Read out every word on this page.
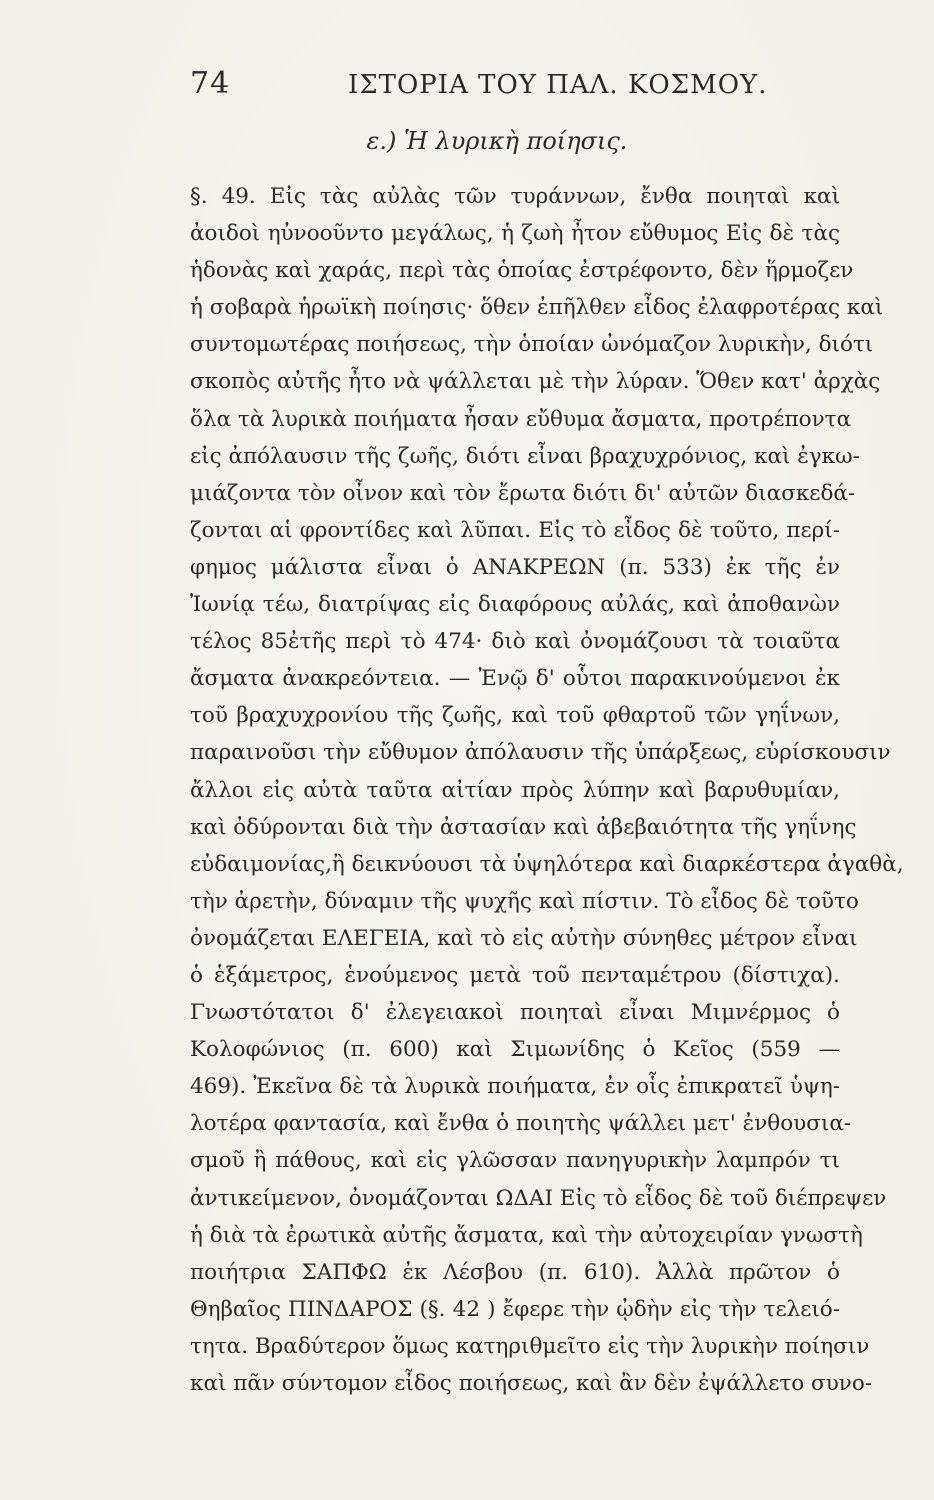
74	ΙΣΤΟΡΙΑ ΤΟΥ ΠΑΛ. ΚΟΣΜΟΥ.
ε.) Ἡ λυρικὴ ποίησις.
§. 49. Εἰς τὰς αὐλὰς τῶν τυράννων, ἔνθα ποιηταὶ καὶ
ἀοιδοὶ ηὐνοοῦντο μεγάλως, ἡ ζωὴ ἦτον εὔθυμος Εἰς δὲ τὰς
ἡδονὰς καὶ χαράς, περὶ τὰς ὁποίας ἐστρέφοντο, δὲν ἥρμοζεν
ἡ σοβαρὰ ἡρωϊκὴ ποίησις· ὅθεν ἐπῆλθεν εἶδος ἐλαφροτέρας καὶ
συντομωτέρας ποιήσεως, τὴν ὁποίαν ὠνόμαζον λυρικὴν, διότι
σκοπὸς αὐτῆς ἦτο νὰ ψάλλεται μὲ τὴν λύραν. Ὅθεν κατ' ἀρχὰς
ὅλα τὰ λυρικὰ ποιήματα ἦσαν εὔθυμα ἄσματα, προτρέποντα
εἰς ἀπόλαυσιν τῆς ζωῆς, διότι εἶναι βραχυχρόνιος, καὶ ἐγκω-
μιάζοντα τὸν οἶνον καὶ τὸν ἔρωτα διότι δι' αὐτῶν διασκεδά-
ζονται αἱ φροντίδες καὶ λῦπαι. Εἰς τὸ εἶδος δὲ τοῦτο, περί-
φημος μάλιστα εἶναι ὁ ΑΝΑΚΡΕΩΝ (π. 533) ἐκ τῆς ἐν
Ἰωνίᾳ τέω, διατρίψας εἰς διαφόρους αὐλάς, καὶ ἀποθανὼν
τέλος 85ἐτῆς περὶ τὸ 474· διὸ καὶ ὀνομάζουσι τὰ τοιαῦτα
ἄσματα ἀνακρεόντεια. — Ἐνῷ δ' οὗτοι παρακινούμενοι ἐκ
τοῦ βραχυχρονίου τῆς ζωῆς, καὶ τοῦ φθαρτοῦ τῶν γηΐνων,
παραινοῦσι τὴν εὔθυμον ἀπόλαυσιν τῆς ὑπάρξεως, εὑρίσκουσιν
ἄλλοι εἰς αὐτὰ ταῦτα αἰτίαν πρὸς λύπην καὶ βαρυθυμίαν,
καὶ ὀδύρονται διὰ τὴν ἀστασίαν καὶ ἀβεβαιότητα τῆς γηΐνης
εὐδαιμονίας,ἢ δεικνύουσι τὰ ὑψηλότερα καὶ διαρκέστερα ἀγαθὰ,
τὴν ἀρετὴν, δύναμιν τῆς ψυχῆς καὶ πίστιν. Τὸ εἶδος δὲ τοῦτο
ὀνομάζεται ΕΛΕΓΕΙΑ, καὶ τὸ εἰς αὐτὴν σύνηθες μέτρον εἶναι
ὁ ἑξάμετρος, ἑνούμενος μετὰ τοῦ πενταμέτρου (δίστιχα).
Γνωστότατοι δ' ἐλεγειακοὶ ποιηταὶ εἶναι Μιμνέρμος ὁ
Κολοφώνιος (π. 600) καὶ Σιμωνίδης ὁ Κεῖος (559 —
469). Ἐκεῖνα δὲ τὰ λυρικὰ ποιήματα, ἐν οἷς ἐπικρατεῖ ὑψη-
λοτέρα φαντασία, καὶ ἔνθα ὁ ποιητὴς ψάλλει μετ' ἐνθουσια-
σμοῦ ἢ πάθους, καὶ εἰς γλῶσσαν πανηγυρικὴν λαμπρόν τι
ἀντικείμενον, ὀνομάζονται ΩΔΑΙ Εἰς τὸ εἶδος δὲ τοῦ διέπρεψεν
ἡ διὰ τὰ ἐρωτικὰ αὐτῆς ἄσματα, καὶ τὴν αὐτοχειρίαν γνωστὴ
ποιήτρια ΣΑΠΦΩ ἐκ Λέσβου (π. 610). Ἀλλὰ πρῶτον ὁ
Θηβαῖος ΠΙΝΔΑΡΟΣ (§. 42 ) ἔφερε τὴν ᾠδὴν εἰς τὴν τελειό-
τητα. Βραδύτερον ὅμως κατηριθμεῖτο εἰς τὴν λυρικὴν ποίησιν
καὶ πᾶν σύντομον εἶδος ποιήσεως, καὶ ἂν δὲν ἐψάλλετο συνο-
